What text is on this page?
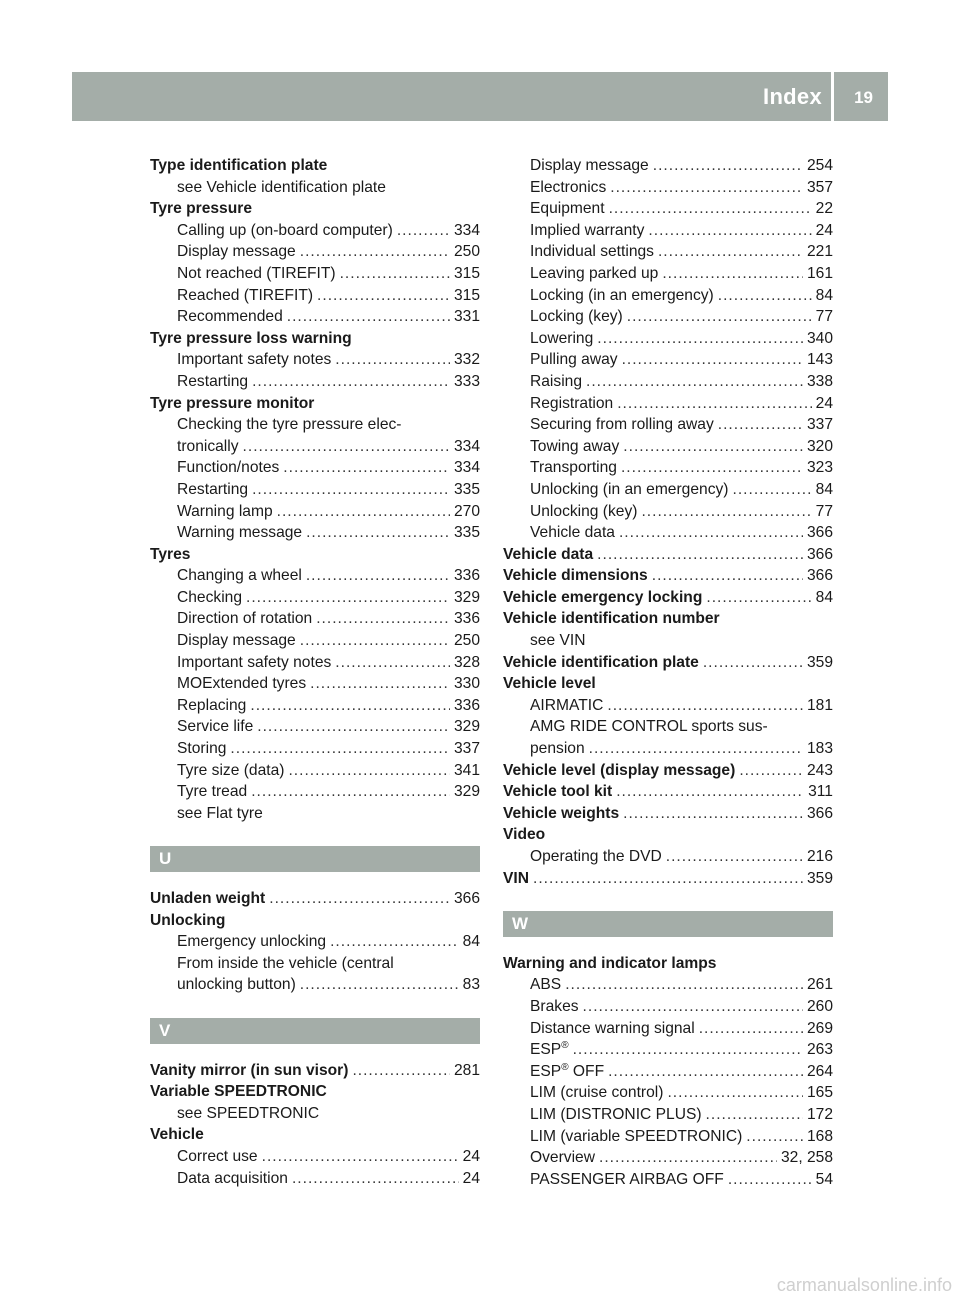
Index 19
Type identification plate
see Vehicle identification plate
Tyre pressure
Calling up (on-board computer) .....	334
Display message .....	250
Not reached (TIREFIT) .....	315
Reached (TIREFIT) .....	315
Recommended .....	331
Tyre pressure loss warning
Important safety notes .....	332
Restarting .....	333
Tyre pressure monitor
Checking the tyre pressure elec-
tronically .....	334
Function/notes .....	334
Restarting .....	335
Warning lamp .....	270
Warning message .....	335
Tyres
Changing a wheel .....	336
Checking .....	329
Direction of rotation .....	336
Display message .....	250
Important safety notes .....	328
MOExtended tyres .....	330
Replacing .....	336
Service life .....	329
Storing .....	337
Tyre size (data) .....	341
Tyre tread .....	329
see Flat tyre
U
Unladen weight .....	366
Unlocking
Emergency unlocking .....	84
From inside the vehicle (central
unlocking button) .....	83
V
Vanity mirror (in sun visor) .....	281
Variable SPEEDTRONIC
see SPEEDTRONIC
Vehicle
Correct use .....	24
Data acquisition .....	24
Display message .....	254
Electronics .....	357
Equipment .....	22
Implied warranty .....	24
Individual settings .....	221
Leaving parked up .....	161
Locking (in an emergency) .....	84
Locking (key) .....	77
Lowering .....	340
Pulling away .....	143
Raising .....	338
Registration .....	24
Securing from rolling away .....	337
Towing away .....	320
Transporting .....	323
Unlocking (in an emergency) .....	84
Unlocking (key) .....	77
Vehicle data .....	366
Vehicle data .....	366
Vehicle dimensions .....	366
Vehicle emergency locking .....	84
Vehicle identification number
see VIN
Vehicle identification plate .....	359
Vehicle level
AIRMATIC .....	181
AMG RIDE CONTROL sports sus-
pension .....	183
Vehicle level (display message) .....	243
Vehicle tool kit .....	311
Vehicle weights .....	366
Video
Operating the DVD .....	216
VIN .....	359
W
Warning and indicator lamps
ABS .....	261
Brakes .....	260
Distance warning signal .....	269
ESP® .....	263
ESP® OFF .....	264
LIM (cruise control) .....	165
LIM (DISTRONIC PLUS) .....	172
LIM (variable SPEEDTRONIC) .....	168
Overview .....	32, 258
PASSENGER AIRBAG OFF .....	54
carmanualsonline.info
